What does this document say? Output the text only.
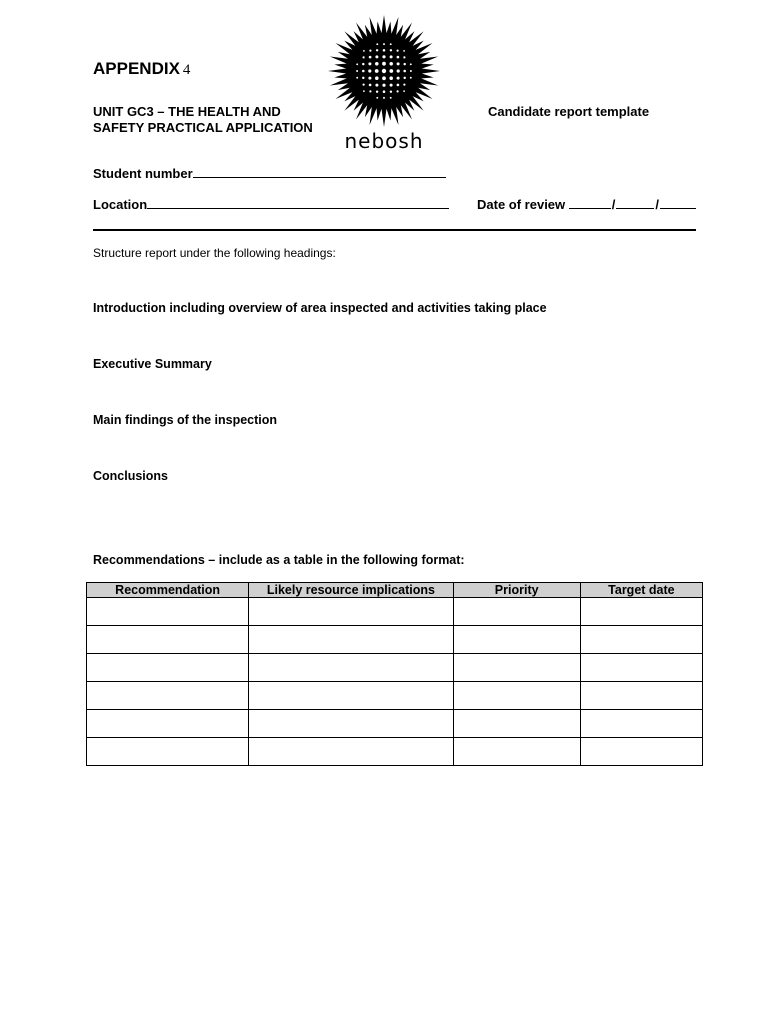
APPENDIX 4
UNIT GC3 – THE HEALTH AND
SAFETY PRACTICAL APPLICATION
Candidate report template
nebosh
Student number
Location	Date of review	/	/
Structure report under the following headings:
Introduction including overview of area inspected and activities taking place
Executive Summary
Main findings of the inspection
Conclusions
Recommendations – include as a table in the following format:
Recommendation	Likely resource implications	Priority	Target date
